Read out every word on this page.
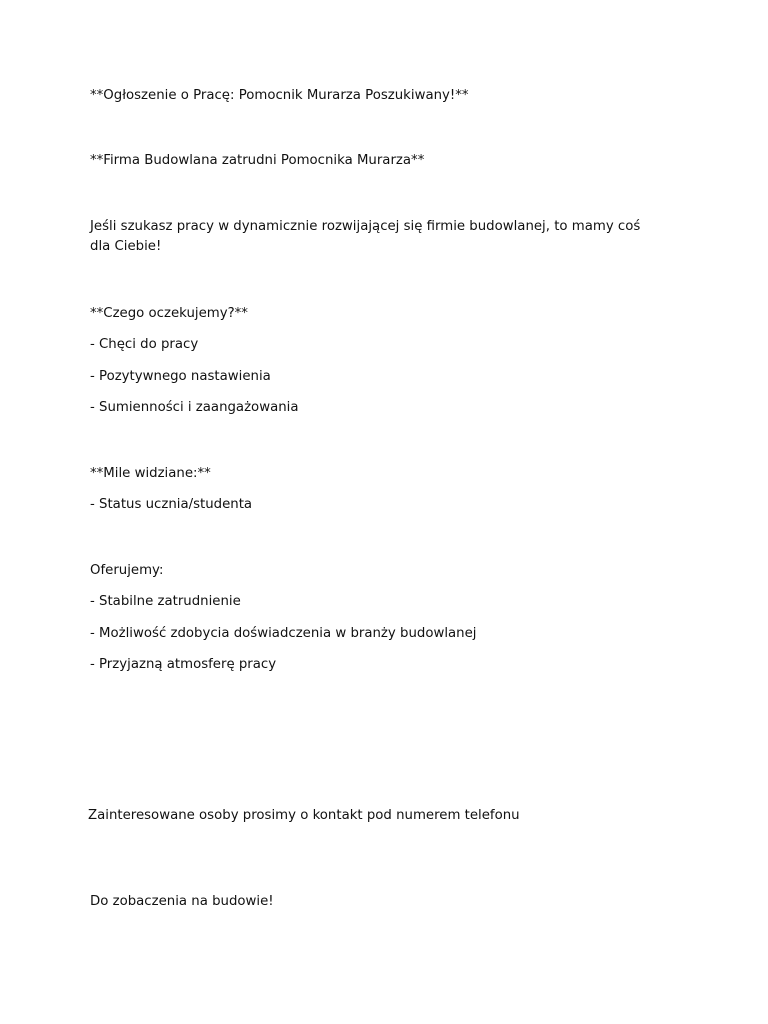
**Ogłoszenie o Pracę: Pomocnik Murarza Poszukiwany!**
**Firma Budowlana zatrudni Pomocnika Murarza**
Jeśli szukasz pracy w dynamicznie rozwijającej się firmie budowlanej, to mamy coś dla Ciebie!
**Czego oczekujemy?**
- Chęci do pracy
- Pozytywnego nastawienia
- Sumienności i zaangażowania
**Mile widziane:**
- Status ucznia/studenta
Oferujemy:
- Stabilne zatrudnienie
- Możliwość zdobycia doświadczenia w branży budowlanej
- Przyjazną atmosferę pracy
Zainteresowane osoby prosimy o kontakt pod numerem telefonu
Do zobaczenia na budowie!
